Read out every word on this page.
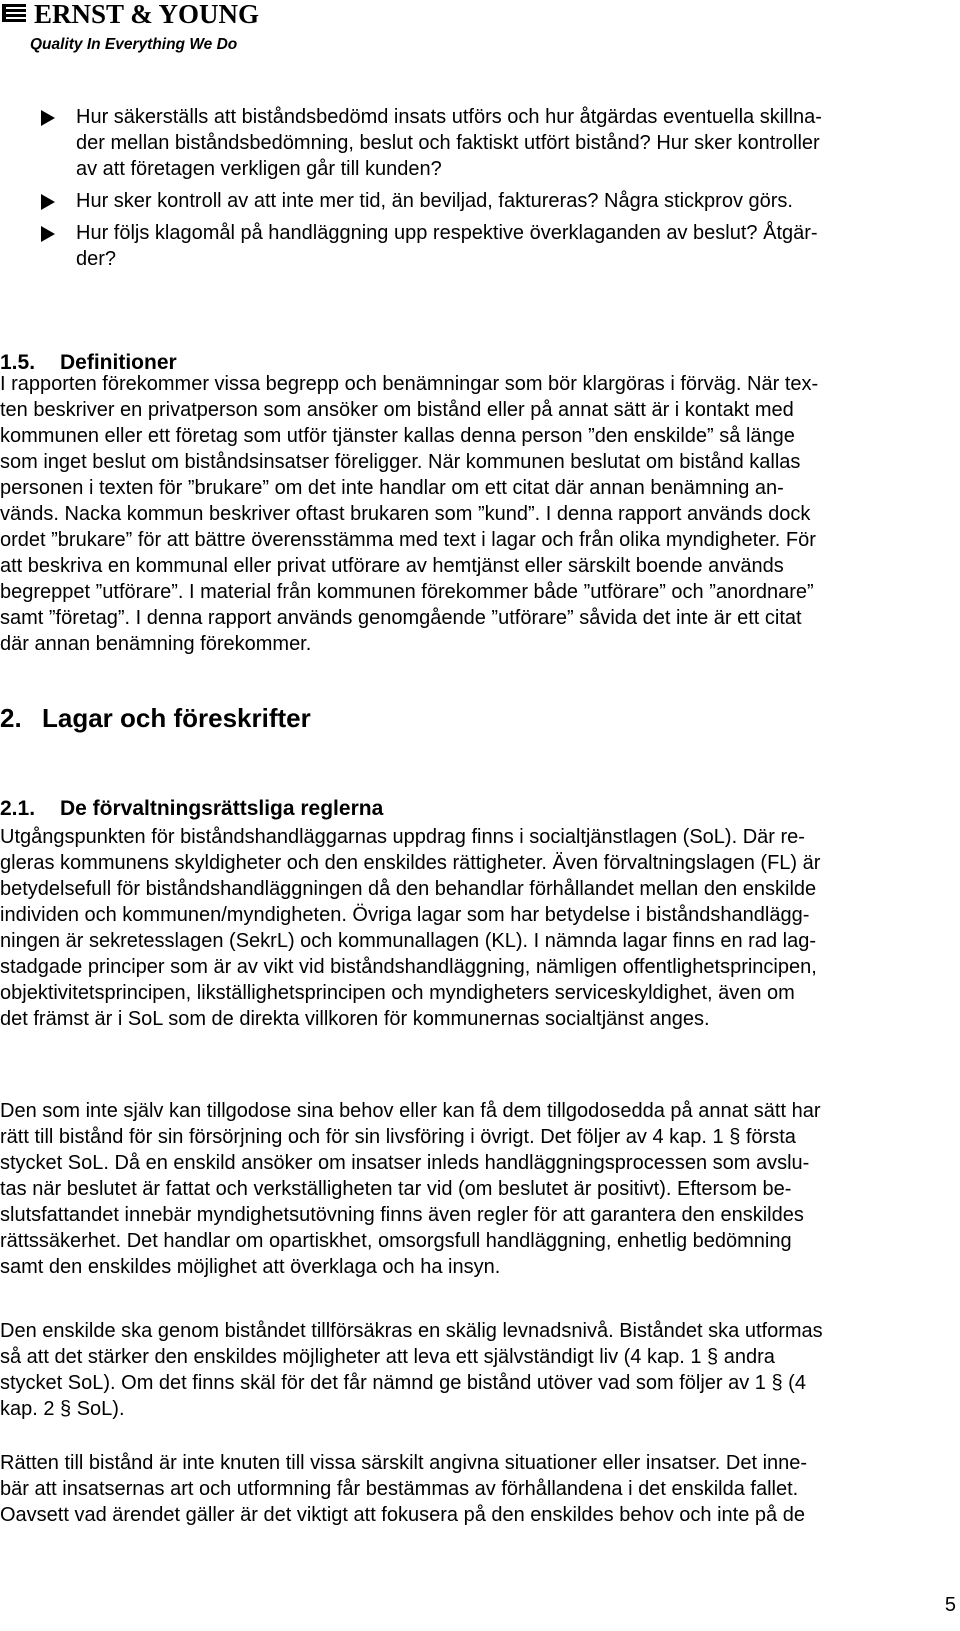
ERNST & YOUNG
Quality In Everything We Do
Hur säkerställs att biståndsbedömd insats utförs och hur åtgärdas eventuella skillna-
der mellan biståndsbedömning, beslut och faktiskt utfört bistånd? Hur sker kontroller
av att företagen verkligen går till kunden?
Hur sker kontroll av att inte mer tid, än beviljad, faktureras? Några stickprov görs.
Hur följs klagomål på handläggning upp respektive överklaganden av beslut? Åtgär-
der?
1.5. Definitioner
I rapporten förekommer vissa begrepp och benämningar som bör klargöras i förväg. När tex-
ten beskriver en privatperson som ansöker om bistånd eller på annat sätt är i kontakt med
kommunen eller ett företag som utför tjänster kallas denna person ”den enskilde” så länge
som inget beslut om biståndsinsatser föreligger. När kommunen beslutat om bistånd kallas
personen i texten för ”brukare” om det inte handlar om ett citat där annan benämning an-
vänds. Nacka kommun beskriver oftast brukaren som ”kund”. I denna rapport används dock
ordet ”brukare” för att bättre överensstämma med text i lagar och från olika myndigheter. För
att beskriva en kommunal eller privat utförare av hemtjänst eller särskilt boende används
begreppet ”utförare”. I material från kommunen förekommer både ”utförare” och ”anordnare”
samt ”företag”. I denna rapport används genomgående ”utförare” såvida det inte är ett citat
där annan benämning förekommer.
2. Lagar och föreskrifter
2.1. De förvaltningsrättsliga reglerna
Utgångspunkten för biståndshandläggarnas uppdrag finns i socialtjänstlagen (SoL). Där re-
gleras kommunens skyldigheter och den enskildes rättigheter. Även förvaltningslagen (FL) är
betydelsefull för biståndshandläggningen då den behandlar förhållandet mellan den enskilde
individen och kommunen/myndigheten. Övriga lagar som har betydelse i biståndshandlägg-
ningen är sekretesslagen (SekrL) och kommunallagen (KL). I nämnda lagar finns en rad lag-
stadgade principer som är av vikt vid biståndshandläggning, nämligen offentlighetsprincipen,
objektivitetsprincipen, likställighetsprincipen och myndigheters serviceskyldighet, även om
det främst är i SoL som de direkta villkoren för kommunernas socialtjänst anges.
Den som inte själv kan tillgodose sina behov eller kan få dem tillgodosedda på annat sätt har
rätt till bistånd för sin försörjning och för sin livsföring i övrigt. Det följer av 4 kap. 1 § första
stycket SoL. Då en enskild ansöker om insatser inleds handläggningsprocessen som avslu-
tas när beslutet är fattat och verkställigheten tar vid (om beslutet är positivt). Eftersom be-
slutsfattandet innebär myndighetsutövning finns även regler för att garantera den enskildes
rättssäkerhet. Det handlar om opartiskhet, omsorgsfull handläggning, enhetlig bedömning
samt den enskildes möjlighet att överklaga och ha insyn.
Den enskilde ska genom biståndet tillförsäkras en skälig levnadsnivå. Biståndet ska utformas
så att det stärker den enskildes möjligheter att leva ett självständigt liv (4 kap. 1 § andra
stycket SoL). Om det finns skäl för det får nämnd ge bistånd utöver vad som följer av 1 § (4
kap. 2 § SoL).
Rätten till bistånd är inte knuten till vissa särskilt angivna situationer eller insatser. Det inne-
bär att insatsernas art och utformning får bestämmas av förhållandena i det enskilda fallet.
Oavsett vad ärendet gäller är det viktigt att fokusera på den enskildes behov och inte på de
5
